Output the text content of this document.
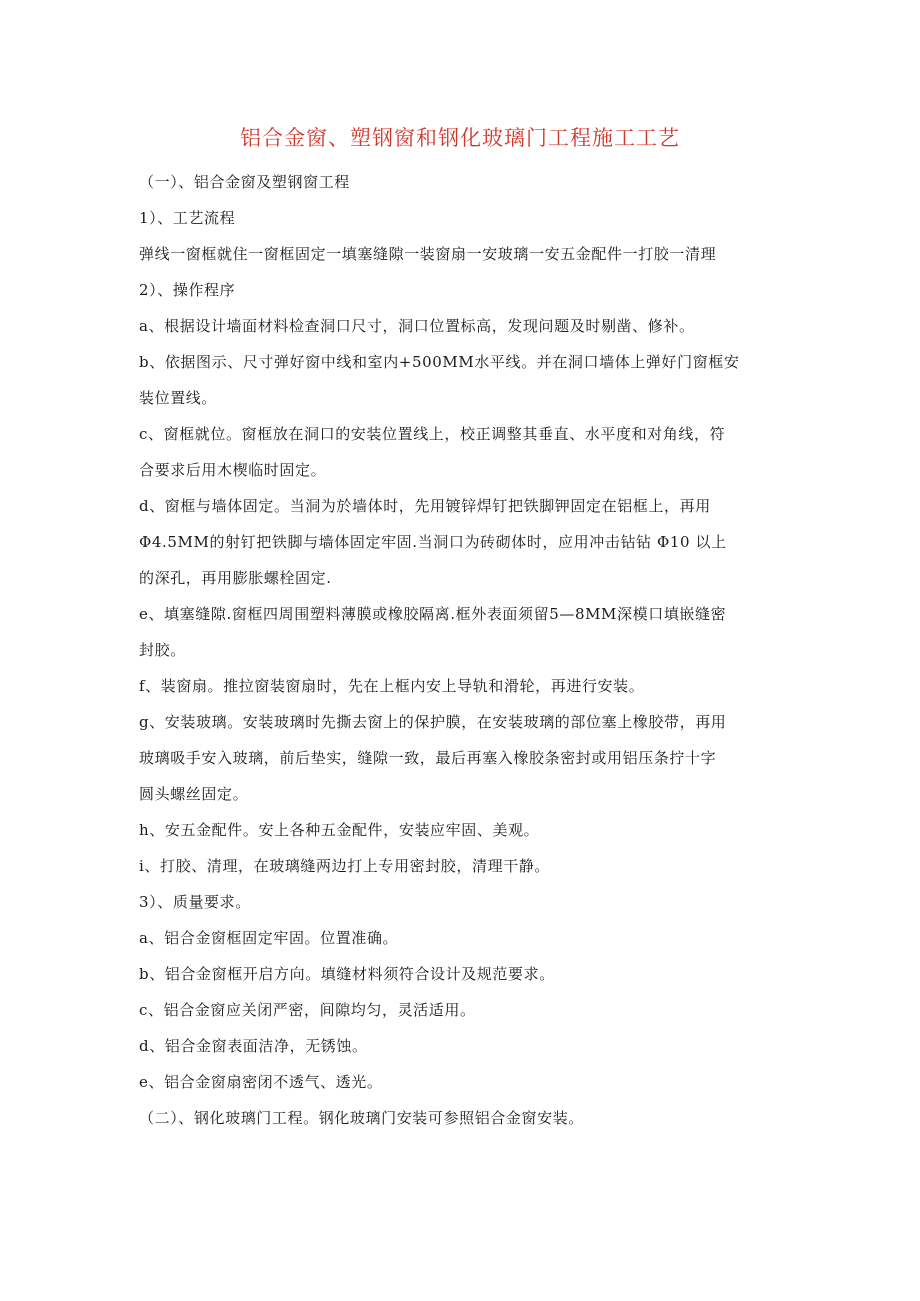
铝合金窗、塑钢窗和钢化玻璃门工程施工工艺

（一）、铝合金窗及塑钢窗工程

1）、工艺流程

弹线一窗框就住一窗框固定一填塞缝隙一装窗扇一安玻璃一安五金配件一打胶一清理

2）、操作程序

a、根据设计墙面材料检查洞口尺寸，洞口位置标高，发现问题及时剔凿、修补。

b、依据图示、尺寸弹好窗中线和室内+500MM水平线。并在洞口墙体上弹好门窗框安

装位置线。

c、窗框就位。窗框放在洞口的安装位置线上，校正调整其垂直、水平度和对角线，符

合要求后用木楔临时固定。

d、窗框与墙体固定。当洞为於墙体时，先用镀锌焊钉把铁脚钾固定在铝框上，再用

Φ4.5MM的射钉把铁脚与墙体固定牢固.当洞口为砖砌体时，应用冲击钻钻 Φ10 以上

的深孔，再用膨胀螺栓固定.

e、填塞缝隙.窗框四周围塑料薄膜或橡胶隔离.框外表面须留5—8MM深模口填嵌缝密

封胶。

f、装窗扇。推拉窗装窗扇时，先在上框内安上导轨和滑轮，再进行安装。

g、安装玻璃。安装玻璃时先撕去窗上的保护膜，在安装玻璃的部位塞上橡胶带，再用

玻璃吸手安入玻璃，前后垫实，缝隙一致，最后再塞入橡胶条密封或用铝压条拧十字

圆头螺丝固定。

h、安五金配件。安上各种五金配件，安装应牢固、美观。

i、打胶、清理，在玻璃缝两边打上专用密封胶，清理干静。

3）、质量要求。

a、铝合金窗框固定牢固。位置准确。

b、铝合金窗框开启方向。填缝材料须符合设计及规范要求。

c、铝合金窗应关闭严密，间隙均匀，灵活适用。

d、铝合金窗表面洁净，无锈蚀。

e、铝合金窗扇密闭不透气、透光。

（二）、钢化玻璃门工程。钢化玻璃门安装可参照铝合金窗安装。
